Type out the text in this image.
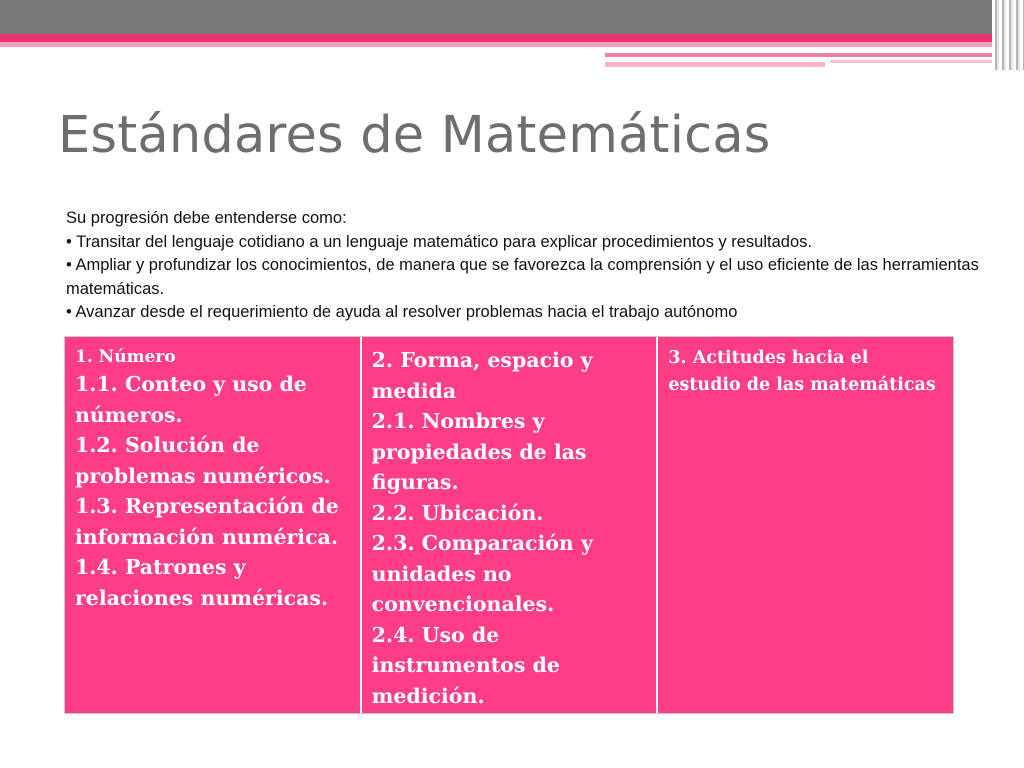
Estándares de Matemáticas

Su progresión debe entenderse como:

• Transitar del lenguaje cotidiano a un lenguaje matemático para explicar procedimientos y resultados.

• Ampliar y profundizar los conocimientos, de manera que se favorezca la comprensión y el uso eficiente de las herramientas matemáticas.

• Avanzar desde el requerimiento de ayuda al resolver problemas hacia el trabajo autónomo

1. Número

1.1. Conteo y uso de números.

1.2. Solución de problemas numéricos.

1.3. Representación de información numérica.

1.4. Patrones y relaciones numéricas.

2. Forma, espacio y medida

2.1. Nombres y propiedades de las figuras.

2.2. Ubicación.

2.3. Comparación y unidades no convencionales.

2.4. Uso de instrumentos de medición.

3. Actitudes hacia el estudio de las matemáticas
